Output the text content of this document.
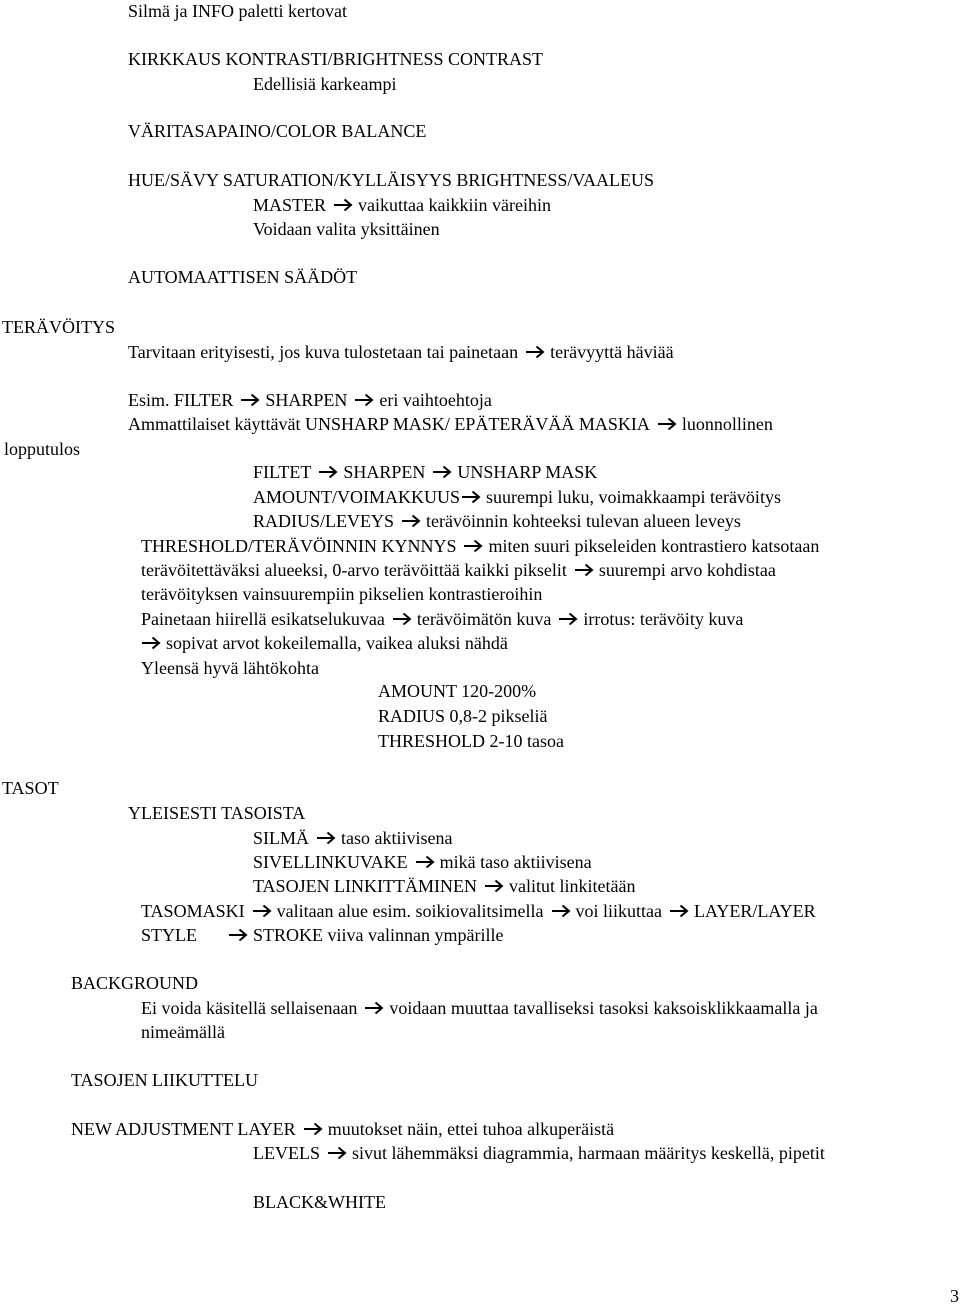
Silmä ja INFO paletti kertovat
KIRKKAUS KONTRASTI/BRIGHTNESS CONTRAST
Edellisiä karkeampi
VÄRITASAPAINO/COLOR BALANCE
HUE/SÄVY SATURATION/KYLLÄISYYS BRIGHTNESS/VAALEUS
MASTER vaikuttaa kaikkiin väreihin
Voidaan valita yksittäinen
AUTOMAATTISEN SÄÄDÖT
TERÄVÖITYS
Tarvitaan erityisesti, jos kuva tulostetaan tai painetaan terävyyttä häviää
Esim. FILTER SHARPEN eri vaihtoehtoja
Ammattilaiset käyttävät UNSHARP MASK/ EPÄTERÄVÄÄ MASKIA luonnollinen
lopputulos
FILTET SHARPEN UNSHARP MASK
AMOUNT/VOIMAKKUUS suurempi luku, voimakkaampi terävöitys
RADIUS/LEVEYS terävöinnin kohteeksi tulevan alueen leveys
THRESHOLD/TERÄVÖINNIN KYNNYS miten suuri pikseleiden kontrastiero katsotaan
terävöitettäväksi alueeksi, 0-arvo terävöittää kaikki pikselit suurempi arvo kohdistaa
terävöityksen vainsuurempiin pikselien kontrastieroihin
Painetaan hiirellä esikatselukuvaa terävöimätön kuva irrotus: terävöity kuva
sopivat arvot kokeilemalla, vaikea aluksi nähdä
Yleensä hyvä lähtökohta
AMOUNT 120-200%
RADIUS 0,8-2 pikseliä
THRESHOLD 2-10 tasoa
TASOT
YLEISESTI TASOISTA
SILMÄ taso aktiivisena
SIVELLINKUVAKE mikä taso aktiivisena
TASOJEN LINKITTÄMINEN valitut linkitetään
TASOMASKI valitaan alue esim. soikiovalitsimella voi liikuttaa LAYER/LAYER
STYLE	STROKE viiva valinnan ympärille
BACKGROUND
Ei voida käsitellä sellaisenaan voidaan muuttaa tavalliseksi tasoksi kaksoisklikkaamalla ja
nimeämällä
TASOJEN LIIKUTTELU
NEW ADJUSTMENT LAYER muutokset näin, ettei tuhoa alkuperäistä
LEVELS sivut lähemmäksi diagrammia, harmaan määritys keskellä, pipetit
BLACK&WHITE
3
